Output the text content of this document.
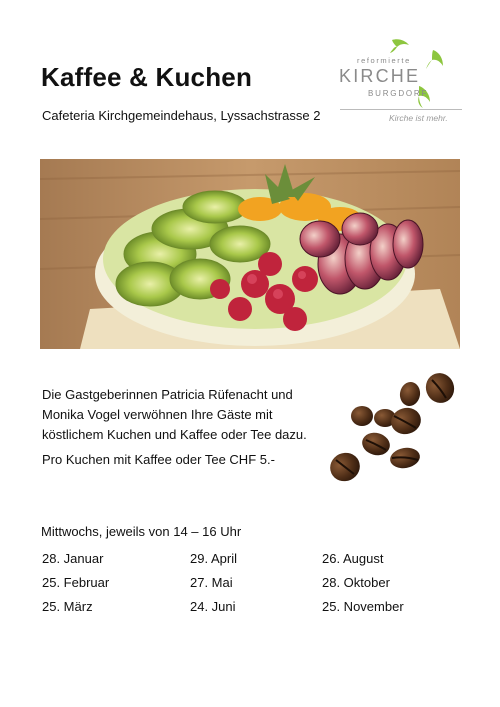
Kaffee & Kuchen
Cafeteria Kirchgemeindehaus, Lyssachstrasse 2
reformierte
KIRCHE
BURGDORF
Kirche ist mehr.
Die Gastgeberinnen Patricia Rüfenacht und Monika Vogel verwöhnen Ihre Gäste mit köstlichem Kuchen und Kaffee oder Tee dazu.
Pro Kuchen mit Kaffee oder Tee CHF 5.-
Mittwochs, jeweils von 14 – 16 Uhr
28. Januar
25. Februar
25. März
29. April
27. Mai
24. Juni
26. August
28. Oktober
25. November
